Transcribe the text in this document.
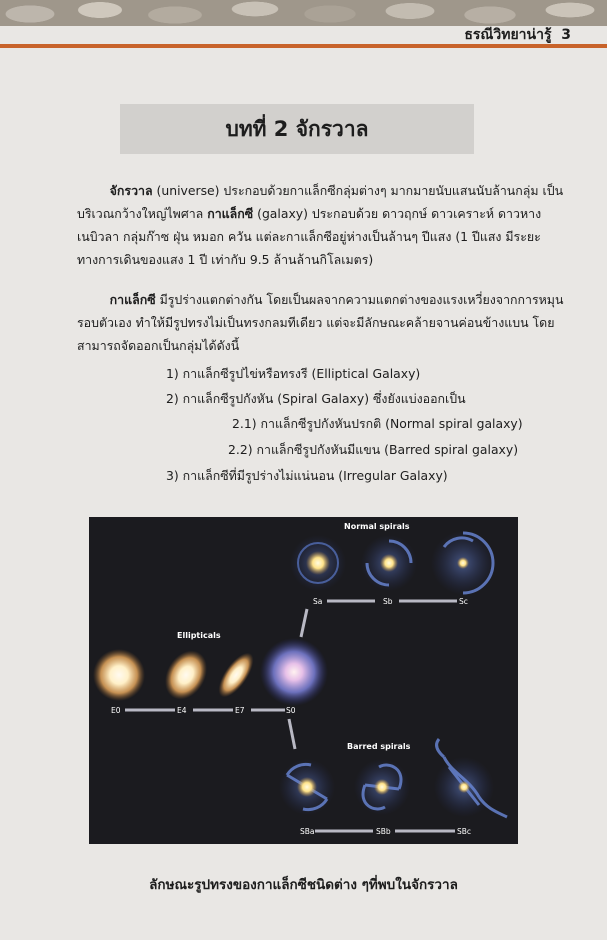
ธรณีวิทยาน่ารู้ 3
บทที่ 2 จักรวาล

    จักรวาล (universe) ประกอบด้วยกาแล็กซีกลุ่มต่างๆ มากมายนับแสนนับล้านกลุ่ม เป็นบริเวณกว้างใหญ่ไพศาล กาแล็กซี (galaxy) ประกอบด้วย ดาวฤกษ์ ดาวเคราะห์ ดาวหางเนบิวลา กลุ่มก๊าซ ฝุ่น หมอก ควัน แต่ละกาแล็กซีอยู่ห่างเป็นล้านๆ ปีแสง (1 ปีแสง มีระยะทางการเดินของแสง 1 ปี เท่ากับ 9.5 ล้านล้านกิโลเมตร)

    กาแล็กซี มีรูปร่างแตกต่างกัน โดยเป็นผลจากความแตกต่างของแรงเหวี่ยงจากการหมุนรอบตัวเอง ทำให้มีรูปทรงไม่เป็นทรงกลมทีเดียว แต่จะมีลักษณะคล้ายจานค่อนข้างแบน โดยสามารถจัดออกเป็นกลุ่มได้ดังนี้

1) กาแล็กซีรูปไข่หรือทรงรี (Elliptical Galaxy)
2) กาแล็กซีรูปกังหัน (Spiral Galaxy) ซึ่งยังแบ่งออกเป็น
2.1) กาแล็กซีรูปกังหันปรกติ (Normal spiral galaxy)
2.2) กาแล็กซีรูปกังหันมีแขน (Barred spiral galaxy)
3) กาแล็กซีที่มีรูปร่างไม่แน่นอน (Irregular Galaxy)
Normal spirals
Ellipticals
Barred spirals
E0	E4	E7	S0
Sa	Sb	Sc
SBa	SBb	SBc
ลักษณะรูปทรงของกาแล็กซีชนิดต่าง ๆที่พบในจักรวาล
